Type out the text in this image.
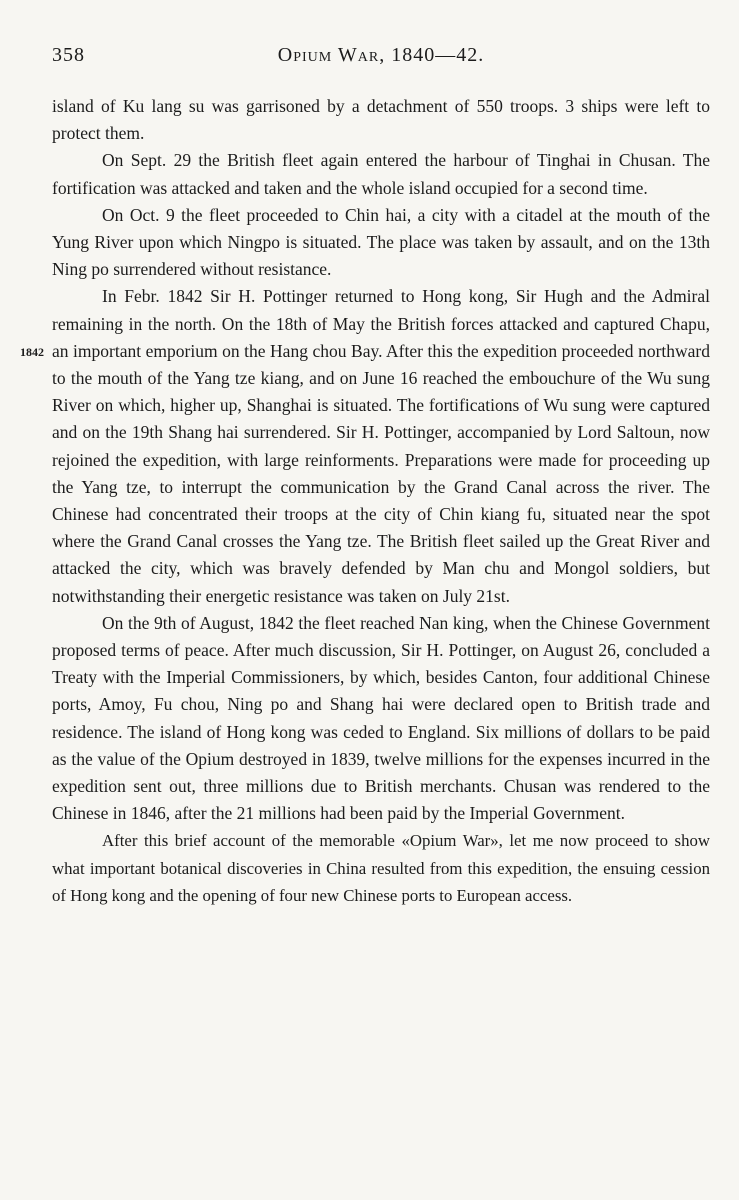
358	Opium War, 1840—42.
1842

island of Ku lang su was garrisoned by a detachment of 550 troops. 3 ships were left to protect them.

On Sept. 29 the British fleet again entered the harbour of Tinghai in Chusan. The fortification was attacked and taken and the whole island occupied for a second time.

On Oct. 9 the fleet proceeded to Chin hai, a city with a citadel at the mouth of the Yung River upon which Ningpo is situated. The place was taken by assault, and on the 13th Ning po surrendered without resistance.

In Febr. 1842 Sir H. Pottinger returned to Hong kong, Sir Hugh and the Admiral remaining in the north. On the 18th of May the British forces attacked and captured Chapu, an important emporium on the Hang chou Bay. After this the expedition proceeded northward to the mouth of the Yang tze kiang, and on June 16 reached the embouchure of the Wu sung River on which, higher up, Shanghai is situated. The fortifications of Wu sung were captured and on the 19th Shang hai surrendered. Sir H. Pottinger, accompanied by Lord Saltoun, now rejoined the expedition, with large reinforments. Preparations were made for proceeding up the Yang tze, to interrupt the communication by the Grand Canal across the river. The Chinese had concentrated their troops at the city of Chin kiang fu, situated near the spot where the Grand Canal crosses the Yang tze. The British fleet sailed up the Great River and attacked the city, which was bravely defended by Man chu and Mongol soldiers, but notwithstanding their energetic resistance was taken on July 21st.

On the 9th of August, 1842 the fleet reached Nan king, when the Chinese Government proposed terms of peace. After much discussion, Sir H. Pottinger, on August 26, concluded a Treaty with the Imperial Commissioners, by which, besides Canton, four additional Chinese ports, Amoy, Fu chou, Ning po and Shang hai were declared open to British trade and residence. The island of Hong kong was ceded to England. Six millions of dollars to be paid as the value of the Opium destroyed in 1839, twelve millions for the expenses incurred in the expedition sent out, three millions due to British merchants. Chusan was rendered to the Chinese in 1846, after the 21 millions had been paid by the Imperial Government.

After this brief account of the memorable «Opium War», let me now proceed to show what important botanical discoveries in China resulted from this expedition, the ensuing cession of Hong kong and the opening of four new Chinese ports to European access.
